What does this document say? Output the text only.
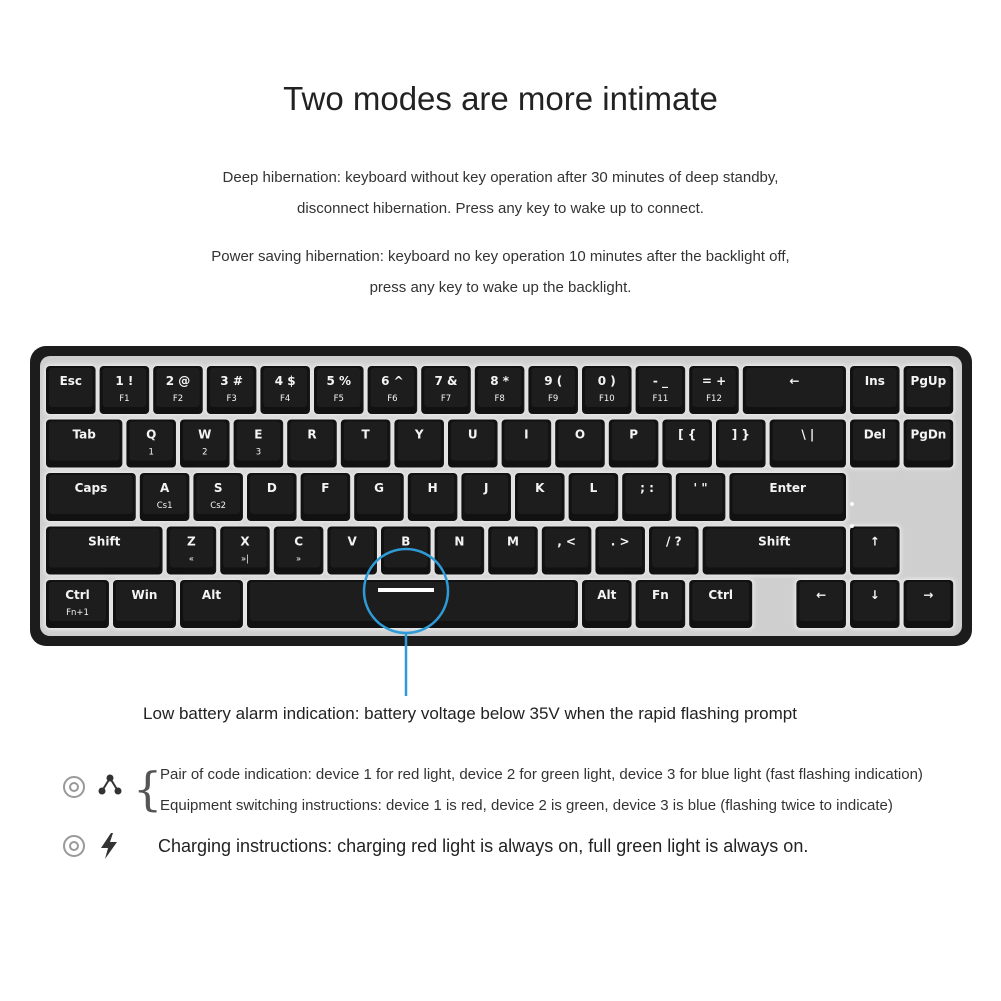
Two modes are more intimate
Deep hibernation: keyboard without key operation after 30 minutes of deep standby,
disconnect hibernation. Press any key to wake up to connect.
Power saving hibernation: keyboard no key operation 10 minutes after the backlight off,
press any key to wake up the backlight.
Esc	1 !
F1
2 @
F2
3 #
F3
4 $
F4
5 %
F5
6 ^
F6
7 &
F7
8 *
F8
9 (
F9
0 )
F10
- _
F11
= +
F12
←
Tab	Q
1
W
2
E
3
R	T	Y	U	I	O	P	[ {	] }	\ |
Caps	A
Cs1
S
Cs2
D	F	G	H	J	K	L	; :	' "	Enter
Shift	Z
«
X
»|
C
»
V	B	N	M	, <	. >	/ ?	Shift
Ctrl
Fn+1
Win	Alt	Alt	Fn	Ctrl
Ins PgUp
Del PgDn
↑
←	↓	→
Low battery alarm indication: battery voltage below 35V when the rapid flashing prompt
{
Pair of code indication: device 1 for red light, device 2 for green light, device 3 for blue light (fast flashing indication)
Equipment switching instructions: device 1 is red, device 2 is green, device 3 is blue (flashing twice to indicate)
Charging instructions: charging red light is always on, full green light is always on.
